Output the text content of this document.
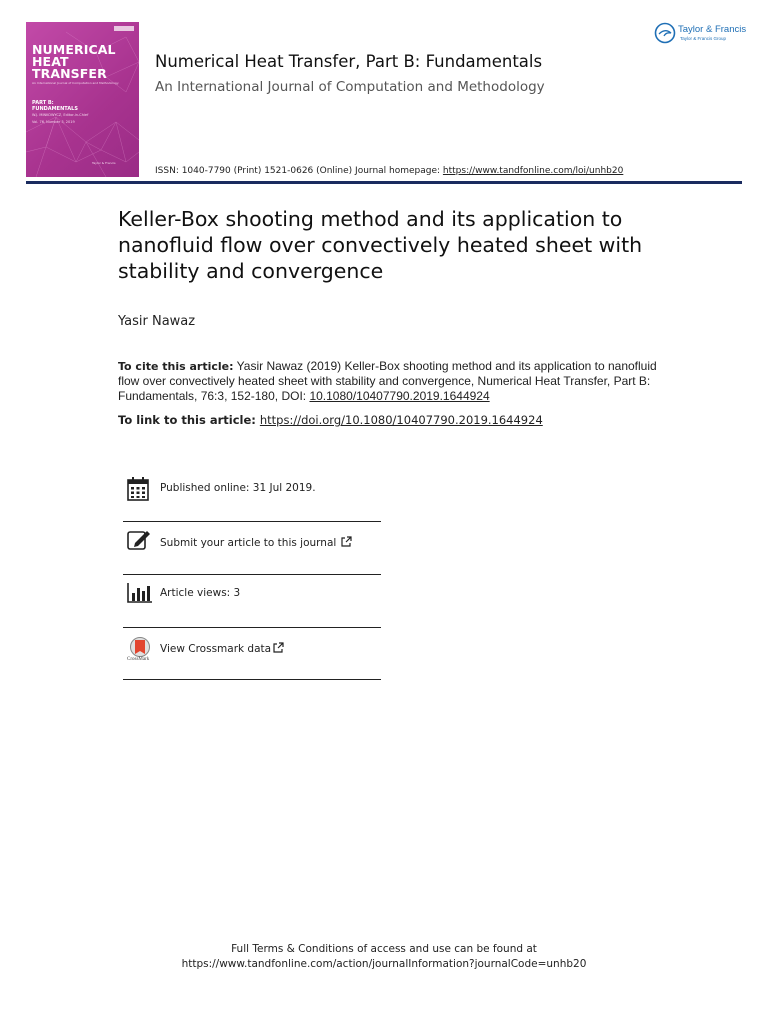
NUMERICAL
HEAT
TRANSFER
An International Journal of Computation and Methodology
PART B: FUNDAMENTALS
W.J. MINKOWYCZ, Editor-in-Chief
Vol. 76, Number 3, 2019
Taylor & Francis
Numerical Heat Transfer, Part B: Fundamentals
An International Journal of Computation and Methodology
Taylor & Francis
Taylor & Francis Group
ISSN: 1040-7790 (Print) 1521-0626 (Online) Journal homepage: https://www.tandfonline.com/loi/unhb20
Keller-Box shooting method and its application to nanofluid flow over convectively heated sheet with stability and convergence
Yasir Nawaz
To cite this article: Yasir Nawaz (2019) Keller-Box shooting method and its application to nanofluid flow over convectively heated sheet with stability and convergence, Numerical Heat Transfer, Part B: Fundamentals, 76:3, 152-180, DOI: 10.1080/10407790.2019.1644924
To link to this article: https://doi.org/10.1080/10407790.2019.1644924
Published online: 31 Jul 2019.
Submit your article to this journal
Article views: 3
CrossMark
View Crossmark data
Full Terms & Conditions of access and use can be found at
https://www.tandfonline.com/action/journalInformation?journalCode=unhb20
